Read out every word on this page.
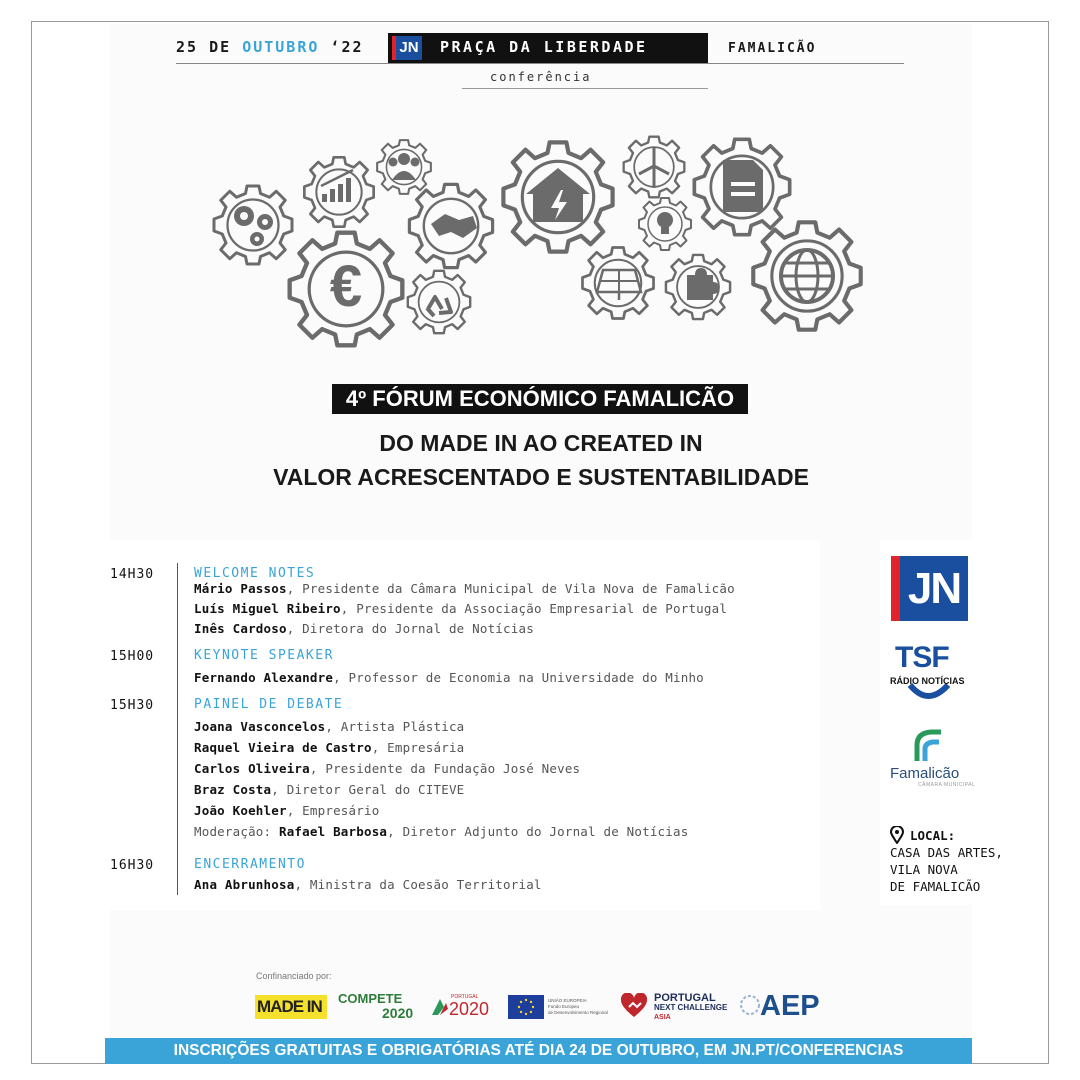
25 DE OUTUBRO ‘22 JN PRAÇA DA LIBERDADE	FAMALICÃO
conferência
€
4º FÓRUM ECONÓMICO FAMALICÃO
DO MADE IN AO CREATED IN
VALOR ACRESCENTADO E SUSTENTABILIDADE
14H30	WELCOME NOTES
Mário Passos, Presidente da Câmara Municipal de Vila Nova de Famalicão
Luís Miguel Ribeiro, Presidente da Associação Empresarial de Portugal
Inês Cardoso, Diretora do Jornal de Notícias
15H00	KEYNOTE SPEAKER
Fernando Alexandre, Professor de Economia na Universidade do Minho
15H30	PAINEL DE DEBATE
Joana Vasconcelos, Artista Plástica
Raquel Vieira de Castro, Empresária
Carlos Oliveira, Presidente da Fundação José Neves
Braz Costa, Diretor Geral do CITEVE
João Koehler, Empresário
Moderação: Rafael Barbosa, Diretor Adjunto do Jornal de Notícias
16H30	ENCERRAMENTO
Ana Abrunhosa, Ministra da Coesão Territorial
JN
TSF
RÁDIO NOTÍCIAS
Famalicão
CÂMARA MUNICIPAL
LOCAL:
CASA DAS ARTES,
VILA NOVA
DE FAMALICÃO
Confinanciado por:
MADE IN COMPETE
2020
PORTUGAL
2020	UNIÃO EUROPEIA
Fundo Europeu
de Desenvolvimento Regional
PORTUGAL
NEXT CHALLENGE
ASIA	AEP
INSCRIÇÕES GRATUITAS E OBRIGATÓRIAS ATÉ DIA 24 DE OUTUBRO, EM JN.PT/CONFERENCIAS
